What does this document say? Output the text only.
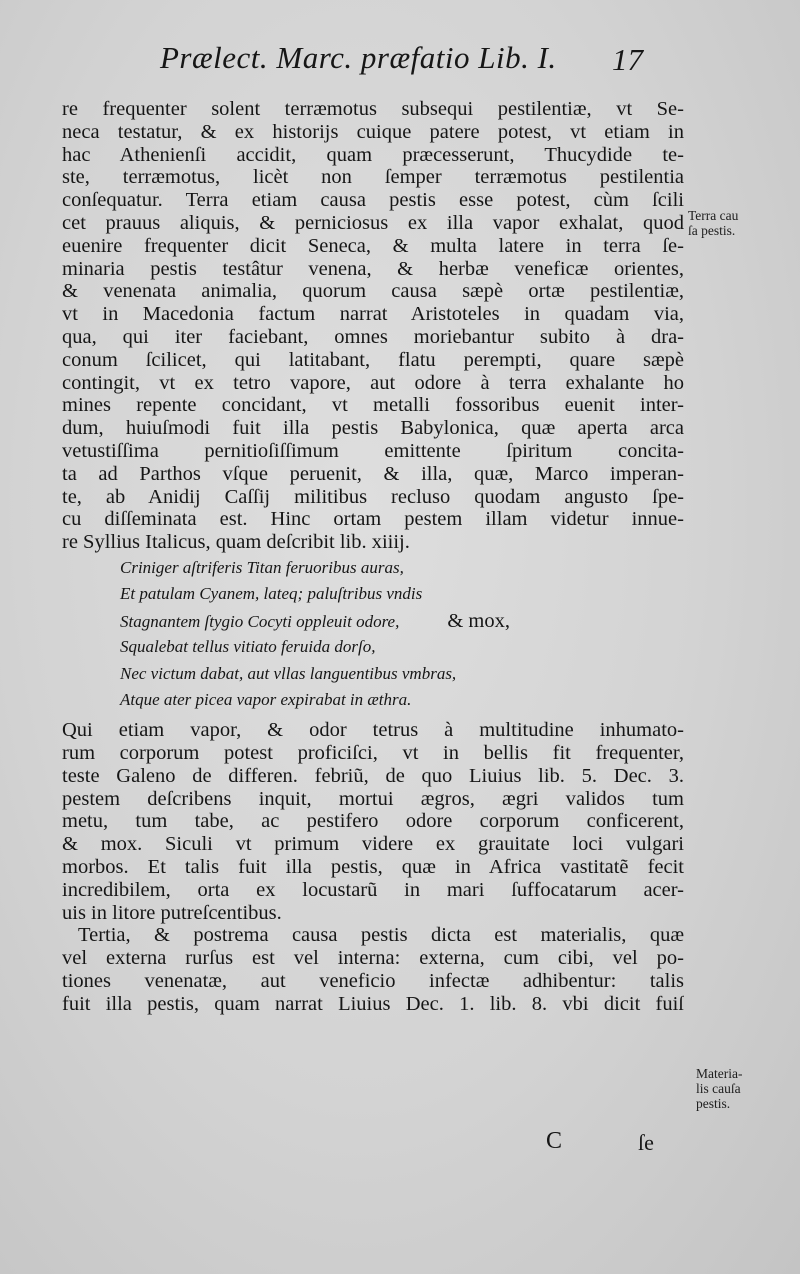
Prælect. Marc. præfatio Lib. I. 17
re frequenter solent terræmotus subsequi pestilentiæ, vt Se-
neca testatur, & ex historijs cuique patere potest, vt etiam in
hac Athenienſi accidit, quam præcesserunt, Thucydide te-
ste, terræmotus, licèt non ſemper terræmotus pestilentia
conſequatur. Terra etiam causa pestis esse potest, cùm ſcili
cet prauus aliquis, & perniciosus ex illa vapor exhalat, quod
euenire frequenter dicit Seneca, & multa latere in terra ſe-
minaria pestis testâtur venena, & herbæ veneficæ orientes,
& venenata animalia, quorum causa sæpè ortæ pestilentiæ,
vt in Macedonia factum narrat Aristoteles in quadam via,
qua, qui iter faciebant, omnes moriebantur subito à dra-
conum ſcilicet, qui latitabant, flatu perempti, quare sæpè
contingit, vt ex tetro vapore, aut odore à terra exhalante ho
mines repente concidant, vt metalli fossoribus euenit inter-
dum, huiuſmodi fuit illa pestis Babylonica, quæ aperta arca
vetustiſſima pernitioſiſſimum emittente ſpiritum concita-
ta ad Parthos vſque peruenit, & illa, quæ, Marco imperan-
te, ab Anidij Caſſij militibus recluso quodam angusto ſpe-
cu diſſeminata est. Hinc ortam pestem illam videtur innue-
re Syllius Italicus, quam deſcribit lib. xiiij.
Criniger aſtriferis Titan feruoribus auras,
Et patulam Cyanem, lateq; paluſtribus vndis
Stagnantem ſtygio Cocyti oppleuit odore, & mox,
Squalebat tellus vitiato feruida dorſo,
Nec victum dabat, aut vllas languentibus vmbras,
Atque ater picea vapor expirabat in æthra.
Qui etiam vapor, & odor tetrus à multitudine inhumato-
rum corporum potest proficiſci, vt in bellis fit frequenter,
teste Galeno de differen. febriũ, de quo Liuius lib. 5. Dec. 3.
pestem deſcribens inquit, mortui ægros, ægri validos tum
metu, tum tabe, ac pestifero odore corporum conficerent,
& mox. Siculi vt primum videre ex grauitate loci vulgari
morbos. Et talis fuit illa pestis, quæ in Africa vastitatẽ fecit
incredibilem, orta ex locustarũ in mari ſuffocatarum acer-
uis in litore putreſcentibus.
Tertia, & postrema causa pestis dicta est materialis, quæ
vel externa rurſus est vel interna: externa, cum cibi, vel po-
tiones venenatæ, aut veneficio infectæ adhibentur: talis
fuit illa pestis, quam narrat Liuius Dec. 1. lib. 8. vbi dicit fuiſ
Terra cau
ſa pestis.
Materia-
lis cauſa
pestis.
C	ſe
